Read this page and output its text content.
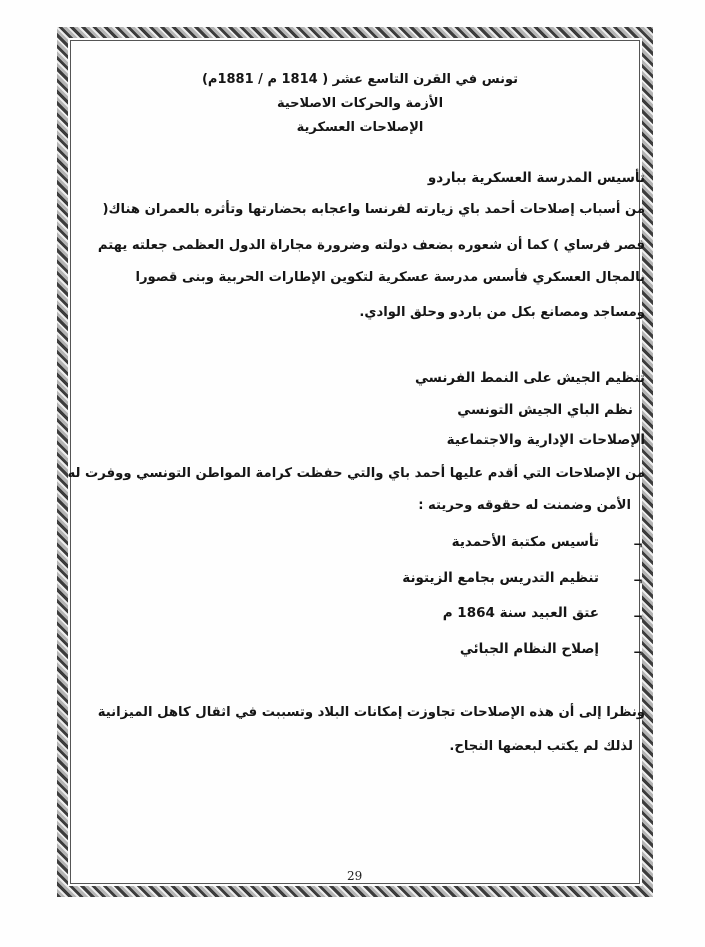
تونس في القرن التاسع عشر ( 1814 م / 1881م)
الأزمة والحركات الاصلاحية
الإصلاحات العسكرية
تأسيس المدرسة العسكرية بباردو
من أسباب إصلاحات أحمد باي زيارته لفرنسا واعجابه بحضارتها وتأثره بالعمران هناك(
قصر فرساي ) كما أن شعوره بضعف دولته وضرورة مجاراة الدول العظمى جعلته يهتم
بالمجال العسكري فأسس مدرسة عسكرية لتكوين الإطارات الحربية وبنى قصورا
ومساجد ومصانع بكل من باردو وحلق الوادي.
تنظيم الجيش على النمط الفرنسي
نظم الباي الجيش التونسي
الإصلاحات الإدارية والاجتماعية
من الإصلاحات التي أقدم عليها أحمد باي والتي حفظت كرامة المواطن التونسي ووفرت له
الأمن وضمنت له حقوقه وحريته :
¬
تأسيس مكتبة الأحمدية
¬
تنظيم التدريس بجامع الزيتونة
¬
عتق العبيد سنة 1864 م
¬
إصلاح النظام الجبائي
ونظرا إلى أن هذه الإصلاحات تجاوزت إمكانات البلاد وتسببت في اثقال كاهل الميزانية
لذلك لم يكتب لبعضها النجاح.
29
